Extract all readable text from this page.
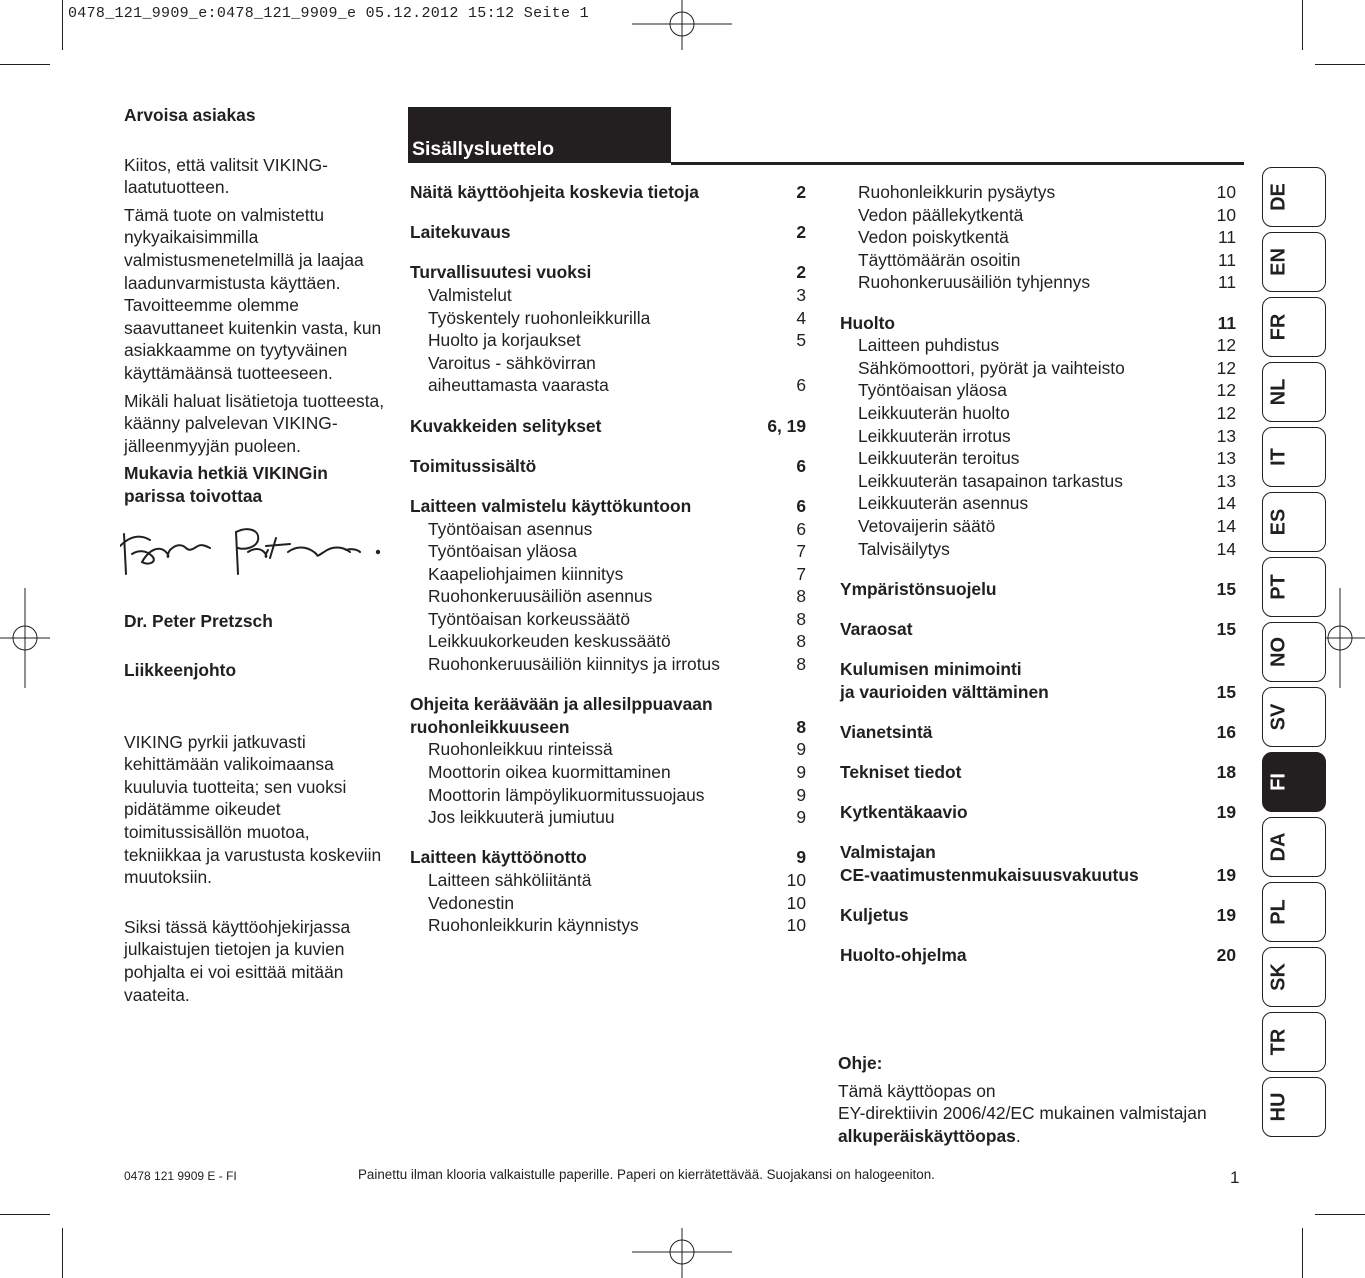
0478_121_9909_e:0478_121_9909_e 05.12.2012 15:12 Seite 1

Arvoisa asiakas

Kiitos, että valitsit VIKING-laatutuotteen.

Tämä tuote on valmistettu nykyaikaisimmilla valmistusmenetelmillä ja laajaa laadunvarmistusta käyttäen. Tavoitteemme olemme saavuttaneet kuitenkin vasta, kun asiakkaamme on tyytyväinen käyttämäänsä tuotteeseen.

Mikäli haluat lisätietoja tuotteesta, käänny palvelevan VIKING-jälleenmyyjän puoleen.

Mukavia hetkiä VIKINGin parissa toivottaa

Dr. Peter Pretzsch

Liikkeenjohto

VIKING pyrkii jatkuvasti kehittämään valikoimaansa kuuluvia tuotteita; sen vuoksi pidätämme oikeudet toimitussisällön muotoa, tekniikkaa ja varustusta koskeviin muutoksiin.

Siksi tässä käyttöohjekirjassa julkaistujen tietojen ja kuvien pohjalta ei voi esittää mitään vaateita.

Sisällysluettelo
Näitä käyttöohjeita koskevia tietoja	2
Laitekuvaus	2
Turvallisuutesi vuoksi	2
Valmistelut	3
Työskentely ruohonleikkurilla	4
Huolto ja korjaukset	5
Varoitus - sähkövirran
aiheuttamasta vaarasta	6
Kuvakkeiden selitykset	6, 19
Toimitussisältö	6
Laitteen valmistelu käyttökuntoon	6
Työntöaisan asennus	6
Työntöaisan yläosa	7
Kaapeliohjaimen kiinnitys	7
Ruohonkeruusäiliön asennus	8
Työntöaisan korkeussäätö	8
Leikkuukorkeuden keskussäätö	8
Ruohonkeruusäiliön kiinnitys ja irrotus	8
Ohjeita keräävään ja allesilppuavaan
ruohonleikkuuseen	8
Ruohonleikkuu rinteissä	9
Moottorin oikea kuormittaminen	9
Moottorin lämpöylikuormitussuojaus	9
Jos leikkuuterä jumiutuu	9
Laitteen käyttöönotto	9
Laitteen sähköliitäntä	10
Vedonestin	10
Ruohonleikkurin käynnistys	10
Ruohonleikkurin pysäytys	10
Vedon päällekytkentä	10
Vedon poiskytkentä	11
Täyttömäärän osoitin	11
Ruohonkeruusäiliön tyhjennys	11
Huolto	11
Laitteen puhdistus	12
Sähkömoottori, pyörät ja vaihteisto	12
Työntöaisan yläosa	12
Leikkuuterän huolto	12
Leikkuuterän irrotus	13
Leikkuuterän teroitus	13
Leikkuuterän tasapainon tarkastus	13
Leikkuuterän asennus	14
Vetovaijerin säätö	14
Talvisäilytys	14
Ympäristönsuojelu	15
Varaosat	15
Kulumisen minimointi
ja vaurioiden välttäminen	15
Vianetsintä	16
Tekniset tiedot	18
Kytkentäkaavio	19
Valmistajan
CE-vaatimustenmukaisuusvakuutus	19
Kuljetus	19
Huolto-ohjelma	20

Ohje:

Tämä käyttöopas on

EY-direktiivin 2006/42/EC mukainen valmistajan
alkuperäiskäyttöopas.

0478 121 9909 E - FI	Painettu ilman klooria valkaistulle paperille. Paperi on kierrätettävää. Suojakansi on halogeeniton.	1
DE
EN
FR
NL
IT
ES
PT
NO
SV
FI
DA
PL
SK
TR
HU
